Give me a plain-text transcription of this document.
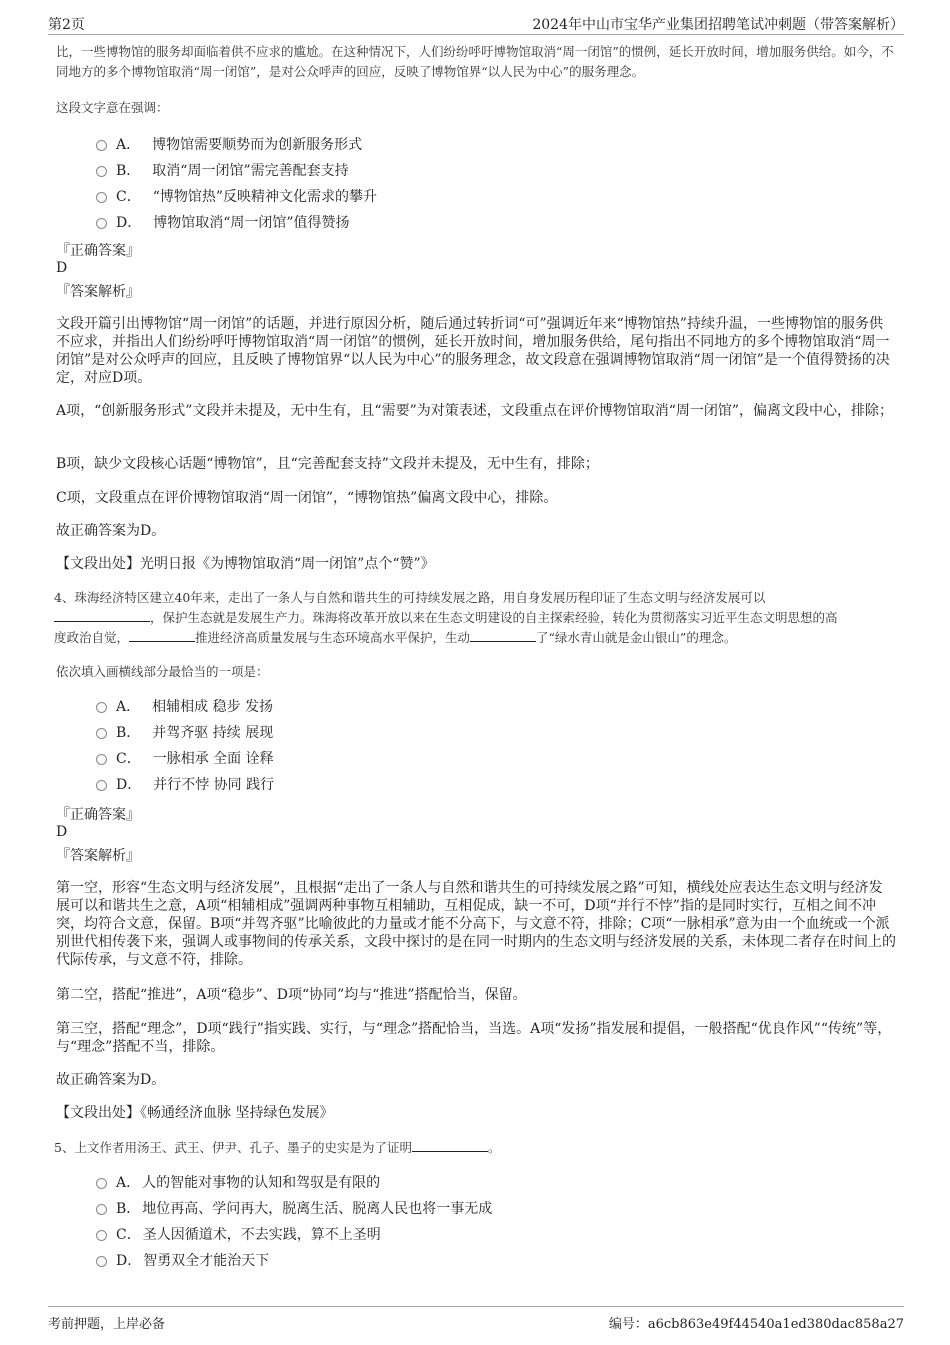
第2页	2024年中山市宝华产业集团招聘笔试冲刺题（带答案解析）

比，一些博物馆的服务却面临着供不应求的尴尬。在这种情况下，人们纷纷呼吁博物馆取消“周一闭馆”的惯例，延长开放时间，增加服务供给。如今，不同地方的多个博物馆取消“周一闭馆”，是对公众呼声的回应，反映了博物馆界“以人民为中心”的服务理念。

这段文字意在强调：

A． 博物馆需要顺势而为创新服务形式
B． 取消“周一闭馆”需完善配套支持
C． “博物馆热”反映精神文化需求的攀升
D． 博物馆取消“周一闭馆”值得赞扬
『正确答案』
D
『答案解析』

文段开篇引出博物馆“周一闭馆”的话题，并进行原因分析，随后通过转折词“可”强调近年来“博物馆热”持续升温，一些博物馆的服务供不应求，并指出人们纷纷呼吁博物馆取消“周一闭馆”的惯例，延长开放时间，增加服务供给，尾句指出不同地方的多个博物馆取消“周一闭馆”是对公众呼声的回应，且反映了博物馆界“以人民为中心”的服务理念，故文段意在强调博物馆取消“周一闭馆”是一个值得赞扬的决定，对应D项。

A项，“创新服务形式”文段并未提及，无中生有，且“需要”为对策表述，文段重点在评价博物馆取消“周一闭馆”，偏离文段中心，排除；

B项，缺少文段核心话题“博物馆”，且“完善配套支持”文段并未提及，无中生有，排除；

C项，文段重点在评价博物馆取消“周一闭馆”，“博物馆热”偏离文段中心，排除。

故正确答案为D。

【文段出处】光明日报《为博物馆取消“周一闭馆”点个“赞”》

4、珠海经济特区建立40年来，走出了一条人与自然和谐共生的可持续发展之路，用自身发展历程印证了生态文明与经济发展可以

，保护生态就是发展生产力。珠海将改革开放以来在生态文明建设的自主探索经验，转化为贯彻落实习近平生态文明思想的高

度政治自觉，	推进经济高质量发展与生态环境高水平保护，生动	了“绿水青山就是金山银山”的理念。

依次填入画横线部分最恰当的一项是：

A． 相辅相成 稳步 发扬
B． 并驾齐驱 持续 展现
C． 一脉相承 全面 诠释
D． 并行不悖 协同 践行
『正确答案』
D
『答案解析』

第一空，形容“生态文明与经济发展”，且根据“走出了一条人与自然和谐共生的可持续发展之路”可知，横线处应表达生态文明与经济发展可以和谐共生之意，A项“相辅相成”强调两种事物互相辅助，互相促成，缺一不可，D项“并行不悖”指的是同时实行，互相之间不冲突，均符合文意，保留。B项“并驾齐驱”比喻彼此的力量或才能不分高下，与文意不符，排除；C项“一脉相承”意为由一个血统或一个派别世代相传袭下来，强调人或事物间的传承关系，文段中探讨的是在同一时期内的生态文明与经济发展的关系，未体现二者存在时间上的代际传承，与文意不符，排除。

第二空，搭配“推进”，A项“稳步”、D项“协同”均与“推进”搭配恰当，保留。

第三空，搭配“理念”，D项“践行”指实践、实行，与“理念”搭配恰当，当选。A项“发扬”指发展和提倡，一般搭配“优良作风”“传统”等，与“理念”搭配不当，排除。

故正确答案为D。

【文段出处】《畅通经济血脉 坚持绿色发展》

5、上文作者用汤王、武王、伊尹、孔子、墨子的史实是为了证明	。

A． 人的智能对事物的认知和驾驭是有限的
B． 地位再高、学问再大，脱离生活、脱离人民也将一事无成
C． 圣人因循道术，不去实践，算不上圣明
D． 智勇双全才能治天下
考前押题，上岸必备	编号：a6cb863e49f44540a1ed380dac858a27
